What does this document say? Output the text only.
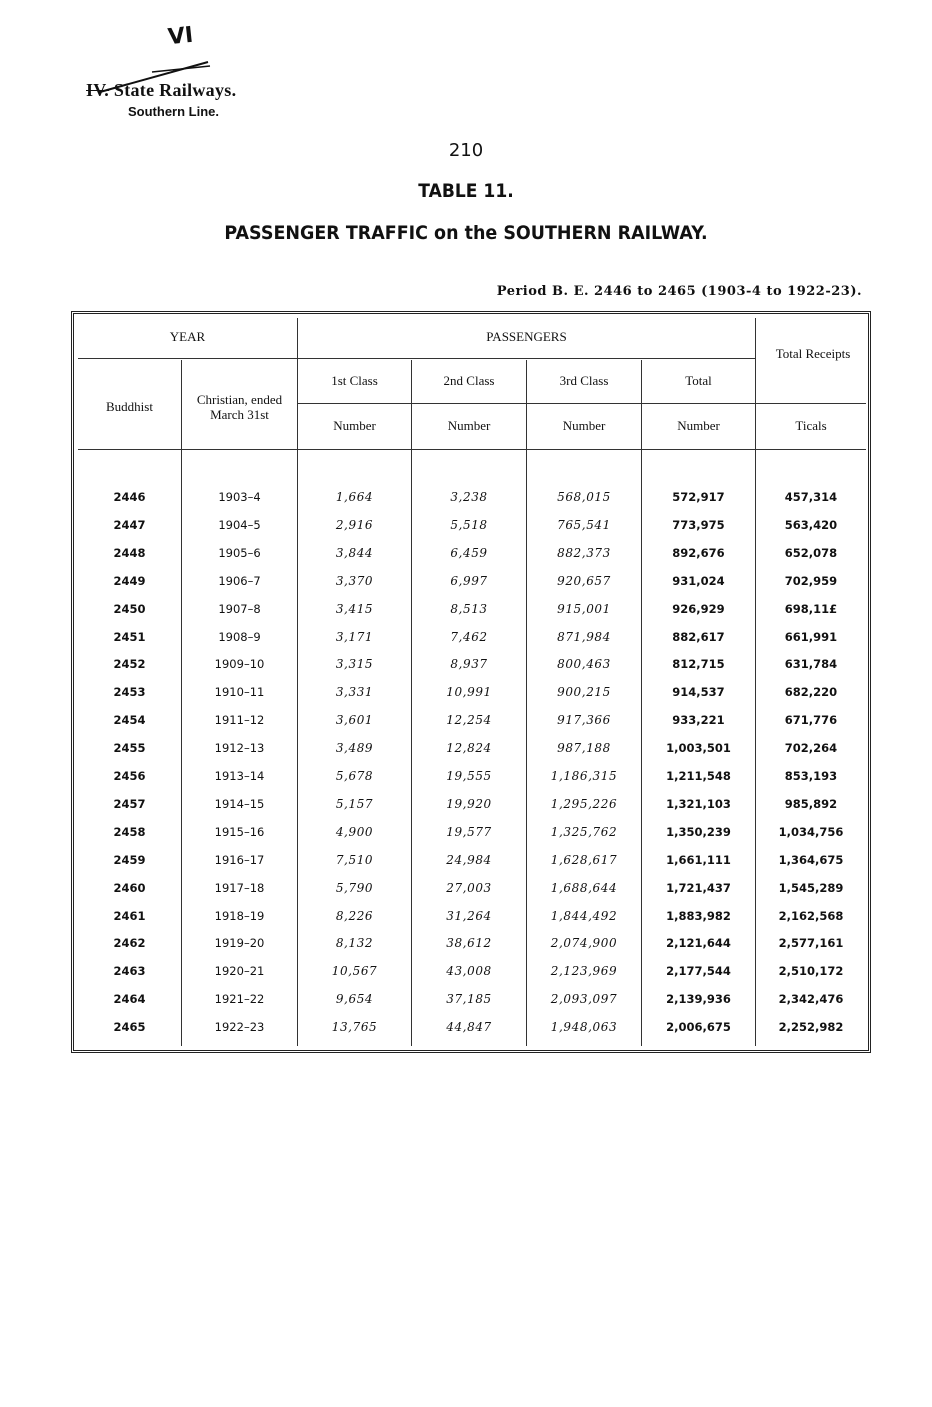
VI
IV. State Railways.
Southern Line.
210
TABLE 11.
PASSENGER TRAFFIC on the SOUTHERN RAILWAY.
Period B. E. 2446 to 2465 (1903-4 to 1922-23).
YEAR	PASSENGERS
Total Receipts
Buddhist	Christian, ended March 31st
1st Class	2nd Class	3rd Class	Total
Number	Number	Number	Number	Ticals
2446	1903–4	1,664	3,238	568,015	572,917	457,314
2447	1904–5	2,916	5,518	765,541	773,975	563,420
2448	1905–6	3,844	6,459	882,373	892,676	652,078
2449	1906–7	3,370	6,997	920,657	931,024	702,959
2450	1907–8	3,415	8,513	915,001	926,929	698,11£
2451	1908–9	3,171	7,462	871,984	882,617	661,991
2452	1909–10	3,315	8,937	800,463	812,715	631,784
2453	1910–11	3,331	10,991	900,215	914,537	682,220
2454	1911–12	3,601	12,254	917,366	933,221	671,776
2455	1912–13	3,489	12,824	987,188	1,003,501	702,264
2456	1913–14	5,678	19,555	1,186,315	1,211,548	853,193
2457	1914–15	5,157	19,920	1,295,226	1,321,103	985,892
2458	1915–16	4,900	19,577	1,325,762	1,350,239	1,034,756
2459	1916–17	7,510	24,984	1,628,617	1,661,111	1,364,675
2460	1917–18	5,790	27,003	1,688,644	1,721,437	1,545,289
2461	1918–19	8,226	31,264	1,844,492	1,883,982	2,162,568
2462	1919–20	8,132	38,612	2,074,900	2,121,644	2,577,161
2463	1920–21	10,567	43,008	2,123,969	2,177,544	2,510,172
2464	1921–22	9,654	37,185	2,093,097	2,139,936	2,342,476
2465	1922–23	13,765	44,847	1,948,063	2,006,675	2,252,982
